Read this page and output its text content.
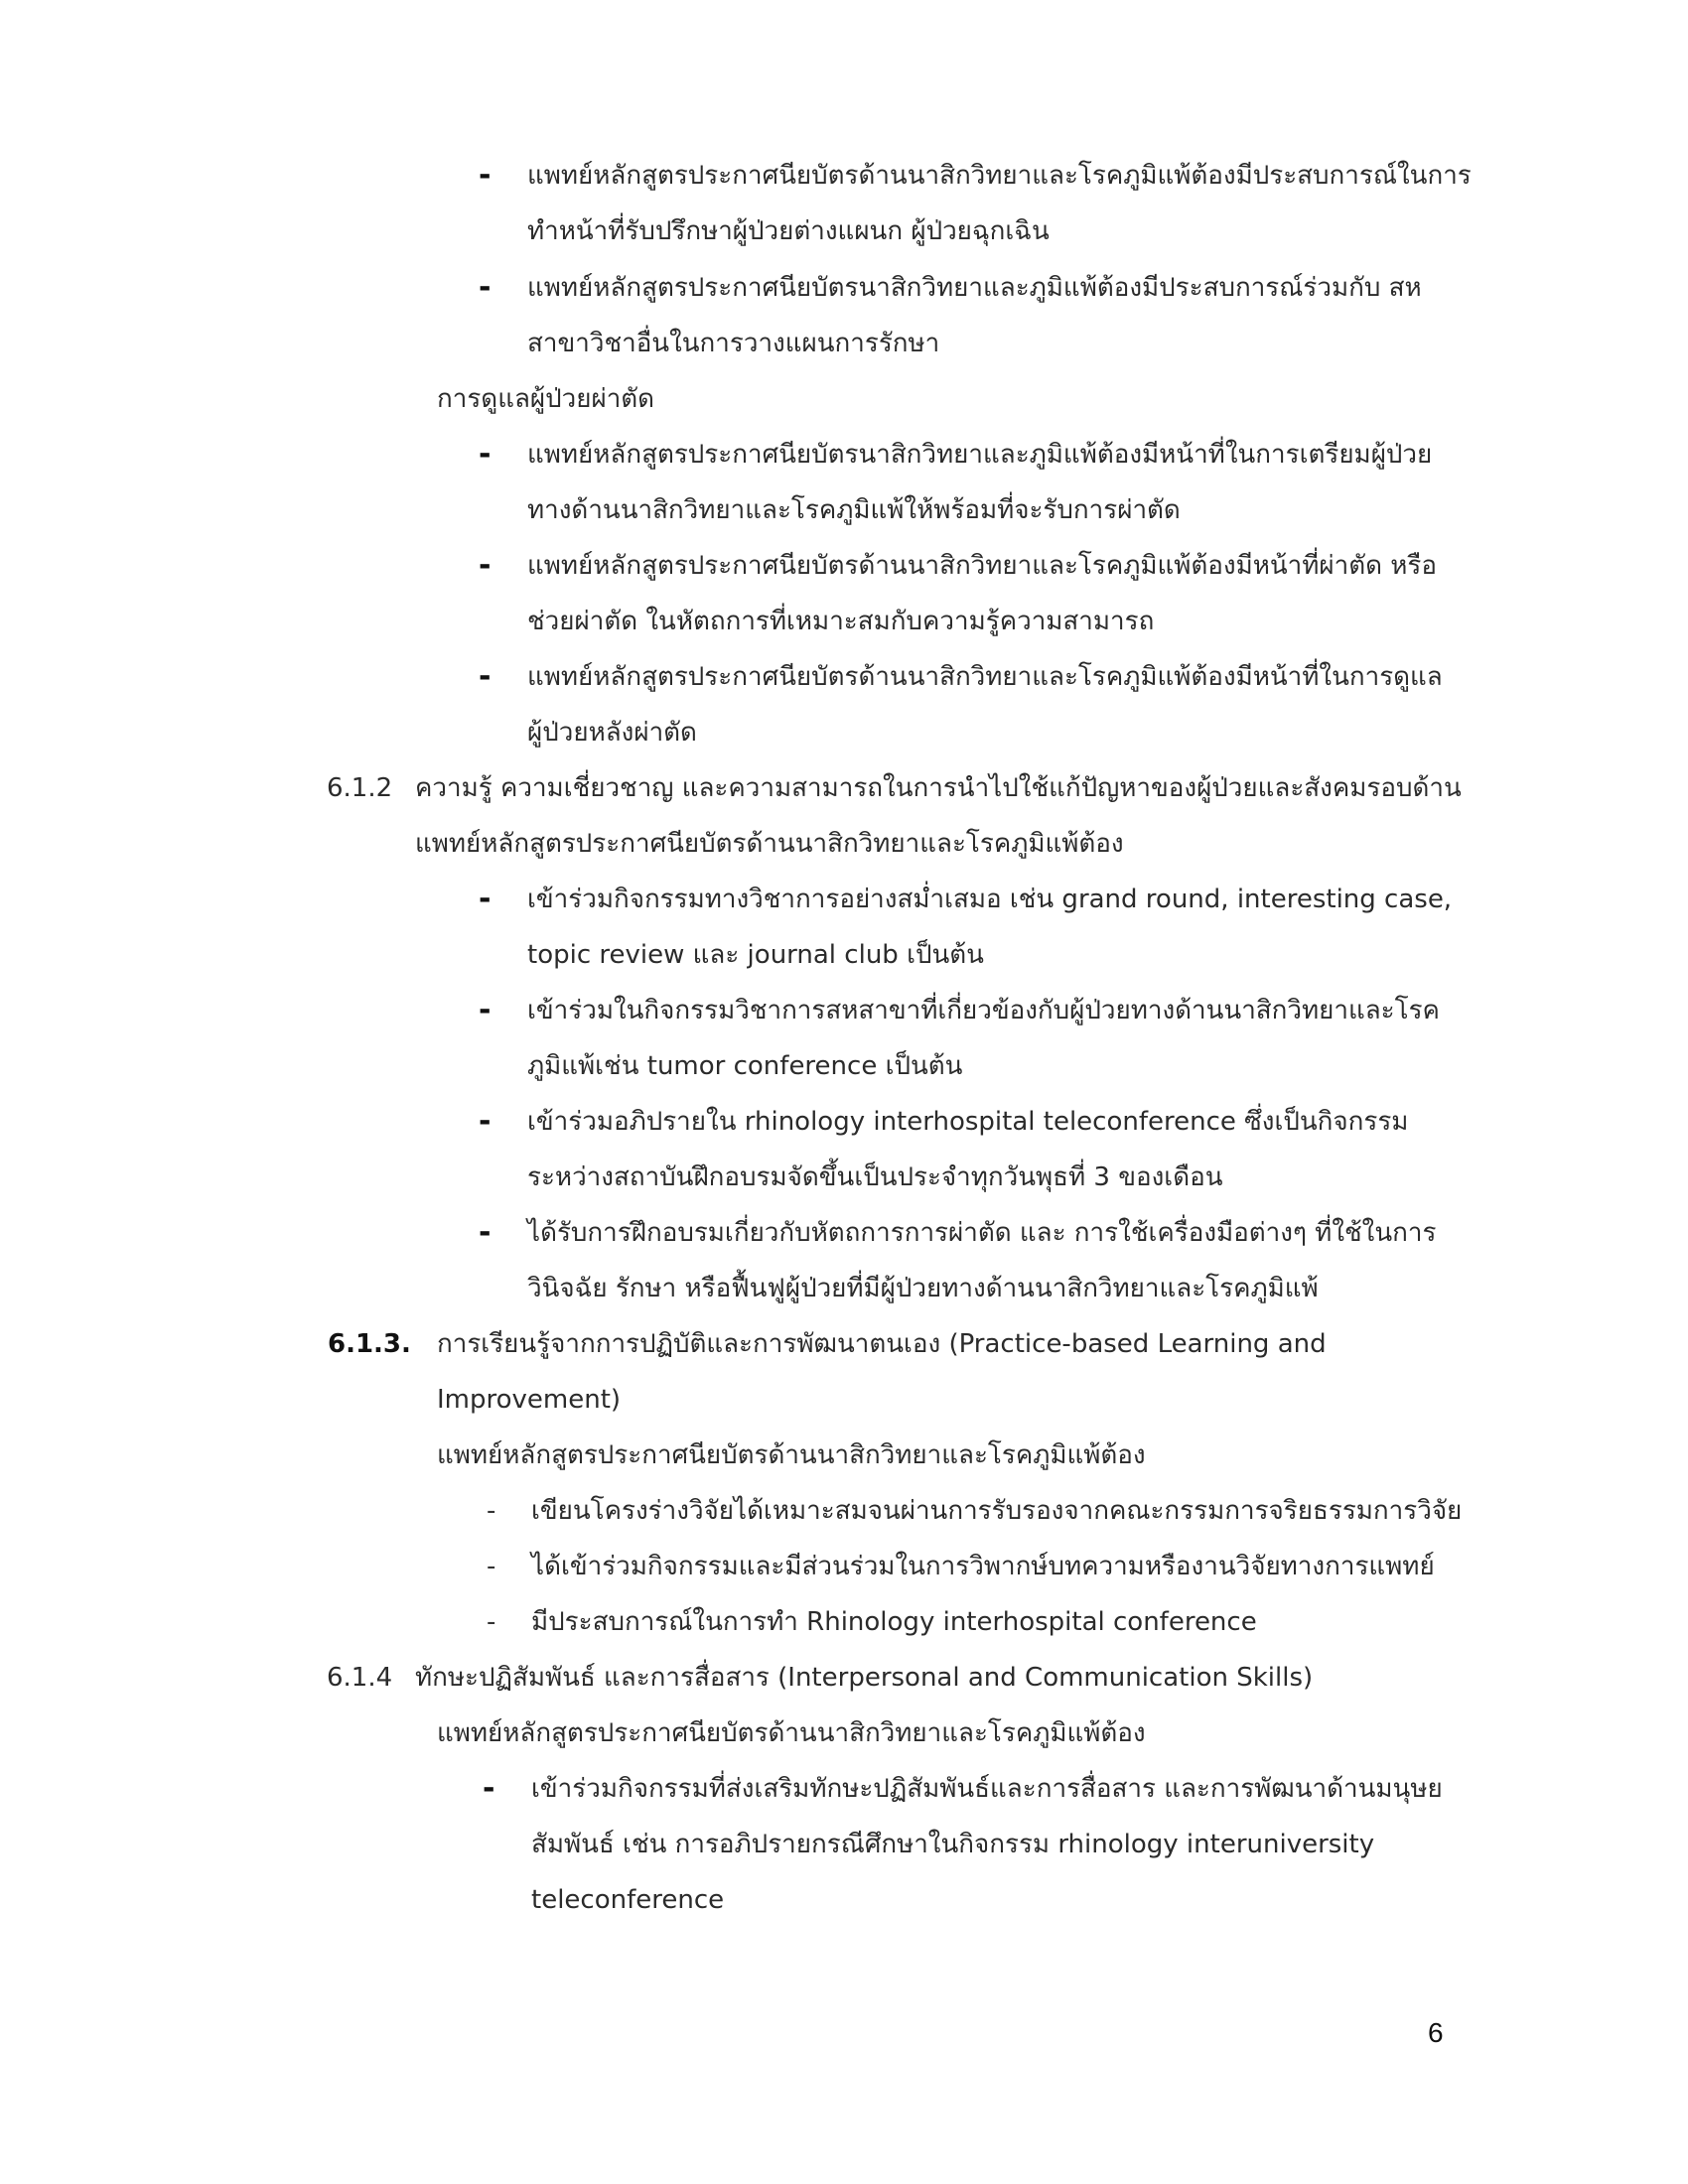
- แพทย์หลักสูตรประกาศนียบัตรด้านนาสิกวิทยาและโรคภูมิแพ้ต้องมีประสบการณ์ในการ
ทำหน้าที่รับปรึกษาผู้ป่วยต่างแผนก ผู้ป่วยฉุกเฉิน
- แพทย์หลักสูตรประกาศนียบัตรนาสิกวิทยาและภูมิแพ้ต้องมีประสบการณ์ร่วมกับ สห
สาขาวิชาอื่นในการวางแผนการรักษา
การดูแลผู้ป่วยผ่าตัด
- แพทย์หลักสูตรประกาศนียบัตรนาสิกวิทยาและภูมิแพ้ต้องมีหน้าที่ในการเตรียมผู้ป่วย
ทางด้านนาสิกวิทยาและโรคภูมิแพ้ให้พร้อมที่จะรับการผ่าตัด
- แพทย์หลักสูตรประกาศนียบัตรด้านนาสิกวิทยาและโรคภูมิแพ้ต้องมีหน้าที่ผ่าตัด หรือ
ช่วยผ่าตัด ในหัตถการที่เหมาะสมกับความรู้ความสามารถ
- แพทย์หลักสูตรประกาศนียบัตรด้านนาสิกวิทยาและโรคภูมิแพ้ต้องมีหน้าที่ในการดูแล
ผู้ป่วยหลังผ่าตัด
6.1.2 ความรู้ ความเชี่ยวชาญ และความสามารถในการนำไปใช้แก้ปัญหาของผู้ป่วยและสังคมรอบด้าน
แพทย์หลักสูตรประกาศนียบัตรด้านนาสิกวิทยาและโรคภูมิแพ้ต้อง
- เข้าร่วมกิจกรรมทางวิชาการอย่างสม่ำเสมอ เช่น grand round, interesting case,
topic review และ journal club เป็นต้น
- เข้าร่วมในกิจกรรมวิชาการสหสาขาที่เกี่ยวข้องกับผู้ป่วยทางด้านนาสิกวิทยาและโรค
ภูมิแพ้เช่น tumor conference เป็นต้น
- เข้าร่วมอภิปรายใน rhinology interhospital teleconference ซึ่งเป็นกิจกรรม
ระหว่างสถาบันฝึกอบรมจัดขึ้นเป็นประจำทุกวันพุธที่ 3 ของเดือน
- ได้รับการฝึกอบรมเกี่ยวกับหัตถการการผ่าตัด และ การใช้เครื่องมือต่างๆ ที่ใช้ในการ
วินิจฉัย รักษา หรือฟื้นฟูผู้ป่วยที่มีผู้ป่วยทางด้านนาสิกวิทยาและโรคภูมิแพ้
6.1.3. การเรียนรู้จากการปฏิบัติและการพัฒนาตนเอง (Practice-based Learning and
Improvement)
แพทย์หลักสูตรประกาศนียบัตรด้านนาสิกวิทยาและโรคภูมิแพ้ต้อง
- เขียนโครงร่างวิจัยได้เหมาะสมจนผ่านการรับรองจากคณะกรรมการจริยธรรมการวิจัย
- ได้เข้าร่วมกิจกรรมและมีส่วนร่วมในการวิพากษ์บทความหรืองานวิจัยทางการแพทย์
- มีประสบการณ์ในการทำ Rhinology interhospital conference
6.1.4 ทักษะปฏิสัมพันธ์ และการสื่อสาร (Interpersonal and Communication Skills)
แพทย์หลักสูตรประกาศนียบัตรด้านนาสิกวิทยาและโรคภูมิแพ้ต้อง
- เข้าร่วมกิจกรรมที่ส่งเสริมทักษะปฏิสัมพันธ์และการสื่อสาร และการพัฒนาด้านมนุษย
สัมพันธ์ เช่น การอภิปรายกรณีศึกษาในกิจกรรม rhinology interuniversity
teleconference
6
